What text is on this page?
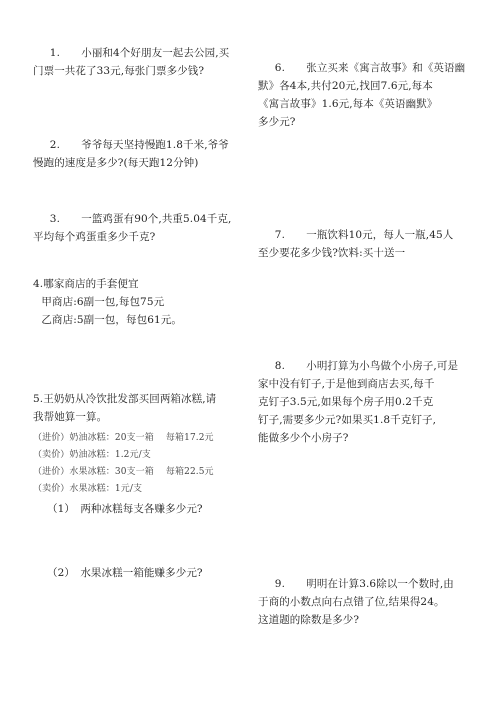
1.　　小丽和4个好朋友一起去公园,买

门票一共花了33元,每张门票多少钱?

2.　　爷爷每天坚持慢跑1.8千米,爷爷

慢跑的速度是多少?(每天跑12分钟)

3.　　一篮鸡蛋有90个,共重5.04千克,

平均每个鸡蛋重多少千克?

4.哪家商店的手套便宜

甲商店:6副一包,每包75元

乙商店:5副一包，每包61元。

5.王奶奶从冷饮批发部买回两箱冰糕,请

我帮她算一算。

（进价）奶油冰糕：20支一箱　 每箱17.2元

（卖价）奶油冰糕：1.2元/支

（进价）水果冰糕：30支一箱　 每箱22.5元

（卖价）水果冰糕：1元/支

（1）　两种冰糕每支各赚多少元?

（2）　水果冰糕一箱能赚多少元?

6.　　张立买来《寓言故事》和《英语幽

默》各4本,共付20元,找回7.6元,每本

《寓言故事》1.6元,每本《英语幽默》

多少元?

7.　　一瓶饮料10元，每人一瓶,45人

至少要花多少钱?饮料:买十送一

8.　　小明打算为小鸟做个小房子,可是

家中没有钉子,于是他到商店去买,每千

克钉子3.5元,如果每个房子用0.2千克

钉子,需要多少元?如果买1.8千克钉子,

能做多少个小房子?

9.　　明明在计算3.6除以一个数时,由

于商的小数点向右点错了位,结果得24。

这道题的除数是多少?
